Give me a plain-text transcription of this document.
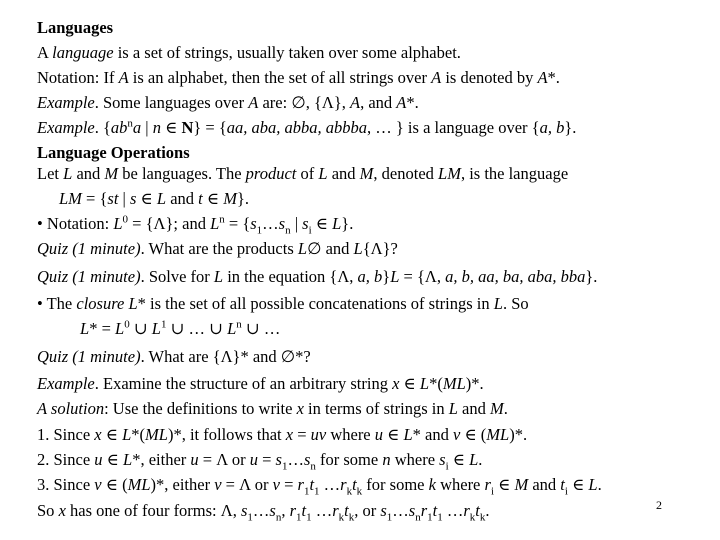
Languages
A language is a set of strings, usually taken over some alphabet.
Notation: If A is an alphabet, then the set of all strings over A is denoted by A*.
Example. Some languages over A are: ∅, {Λ}, A, and A*.
Example. {$ab^na$ | n ∈ N} = {aa, aba, abba, abbba, … } is a language over {a, b}.
Language Operations
Let L and M be languages. The product of L and M, denoted LM, is the language
LM = {st | s ∈ L and t ∈ M}.
• Notation: $L^0 = \{\Lambda\}$; and $L^n$ = {$s_1\dots s_n$ | $s_i$ ∈ L}.
Quiz (1 minute). What are the products L∅ and L{Λ}?
Quiz (1 minute). Solve for L in the equation {Λ, a, b}L = {Λ, a, b, aa, ba, aba, bba}.
• The closure L* is the set of all possible concatenations of strings in L. So
$L* = L^0$ ∪ $L^1$ ∪ … ∪ $L^n$ ∪ …
Quiz (1 minute). What are {Λ}* and ∅*?
Example. Examine the structure of an arbitrary string x ∈ L*(ML)*.
A solution: Use the definitions to write x in terms of strings in L and M.
1. Since x ∈ L*(ML)*, it follows that x = uv where u ∈ L* and v ∈ (ML)*.
2. Since u ∈ L*, either u = Λ or $u = s_1\dots s_n$ for some n where $s_i$ ∈ L.
3. Since v ∈ (ML)*, either v = Λ or $v = r_1t_1$ $\dots r_kt_k$ for some k where $r_i$ ∈ M and $t_i$ ∈ L.
So x has one of four forms: Λ, $s_1\dots s_n$, $r_1t_1$ $\dots r_kt_k$, or $s_1\dots s_nr_1t_1$ $\dots r_kt_k$.	2
